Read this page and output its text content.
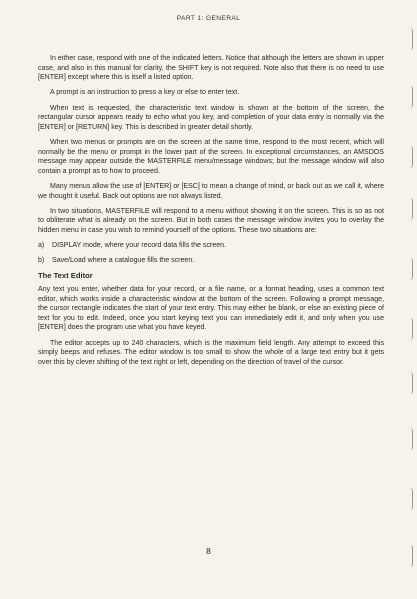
PART 1: GENERAL

In either case, respond with one of the indicated letters. Notice that although the letters are shown in upper case, and also in this manual for clarity, the SHIFT key is not required. Note also that there is no need to use [ENTER] except where this is itself a listed option.

A prompt is an instruction to press a key or else to enter text.

When text is requested, the characteristic text window is shown at the bottom of the screen, the rectangular cursor appears ready to echo what you key, and completion of your data entry is normally via the [ENTER] or [RETURN] key. This is described in greater detail shortly.

When two menus or prompts are on the screen at the same time, respond to the most recent, which will normally be the menu or prompt in the lower part of the screen. In exceptional circumstances, an AMSDOS message may appear outside the MASTERFILE menu/message windows; but the message window will also contain a prompt as to how to proceed.

Many menus allow the use of [ENTER] or [ESC] to mean a change of mind, or back out as we call it, where we thought it useful. Back out options are not always listed.

In two situations, MASTERFILE will respond to a menu without showing it on the screen. This is so as not to obliterate what is already on the screen. But in both cases the message window invites you to overlay the hidden menu in case you wish to remind yourself of the options. These two situations are:

a)	DISPLAY mode, where your record data fills the screen.
b)	Save/Load where a catalogue fills the screen.
The Text Editor

Any text you enter, whether data for your record, or a file name, or a format heading, uses a common text editor, which works inside a characteristic window at the bottom of the screen. Following a prompt message, the cursor rectangle indicates the start of your text entry. This may either be blank, or else an existing piece of text for you to edit. Indeed, once you start keying text you can immediately edit it, and only when you use [ENTER] does the program use what you have keyed.

The editor accepts up to 240 characters, which is the maximum field length. Any attempt to exceed this simply beeps and refuses. The editor window is too small to show the whole of a large text entry but it gets over this by clever shifting of the text right or left, depending on the direction of travel of the cursor.

8
